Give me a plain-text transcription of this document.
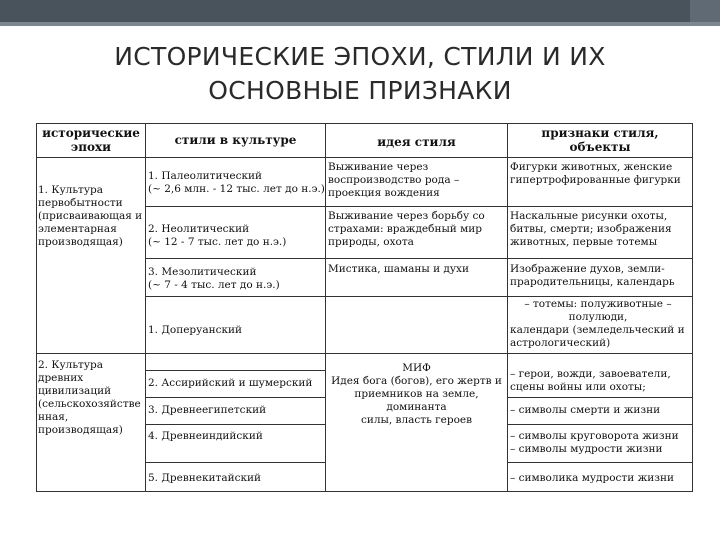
ИСТОРИЧЕСКИЕ ЭПОХИ, СТИЛИ И ИХ
ОСНОВНЫЕ ПРИЗНАКИ
исторические
эпохи	стили в культуре	идея стиля
признаки стиля,
объекты
1. Культура
первобытности
(присваивающая и
элементарная
производящая)
2. Культура
древних
цивилизаций
(сельскохозяйстве
нная,
производящая)
1. Палеолитический
(~ 2,6 млн. - 12 тыс. лет до н.э.)
2. Неолитический
(~ 12 - 7 тыс. лет до н.э.)
3. Мезолитический
(~ 7 - 4 тыс. лет до н.э.)
1. Доперуанский
2. Ассирийский и шумерский
3. Древнеегипетский
4. Древнеиндийский
5. Древнекитайский
Выживание через
воспроизводство рода –
проекция вождения
Выживание через борьбу со
страхами: враждебный мир
природы, охота
Мистика, шаманы и духи
МИФ
Идея бога (богов), его жертв и
приемников на земле,
доминанта
силы, власть героев
Фигурки животных, женские
гипертрофированные фигурки
Наскальные рисунки охоты,
битвы, смерти; изображения
животных, первые тотемы
Изображение духов, земли-
прародительницы, календарь
– тотемы: полуживотные –
полулюди,
календари (земледельческий и
астрологический)
– герои, вожди, завоеватели,
сцены войны или охоты;
– символы смерти и жизни
– символы круговорота жизни
– символы мудрости жизни
– символика мудрости жизни
